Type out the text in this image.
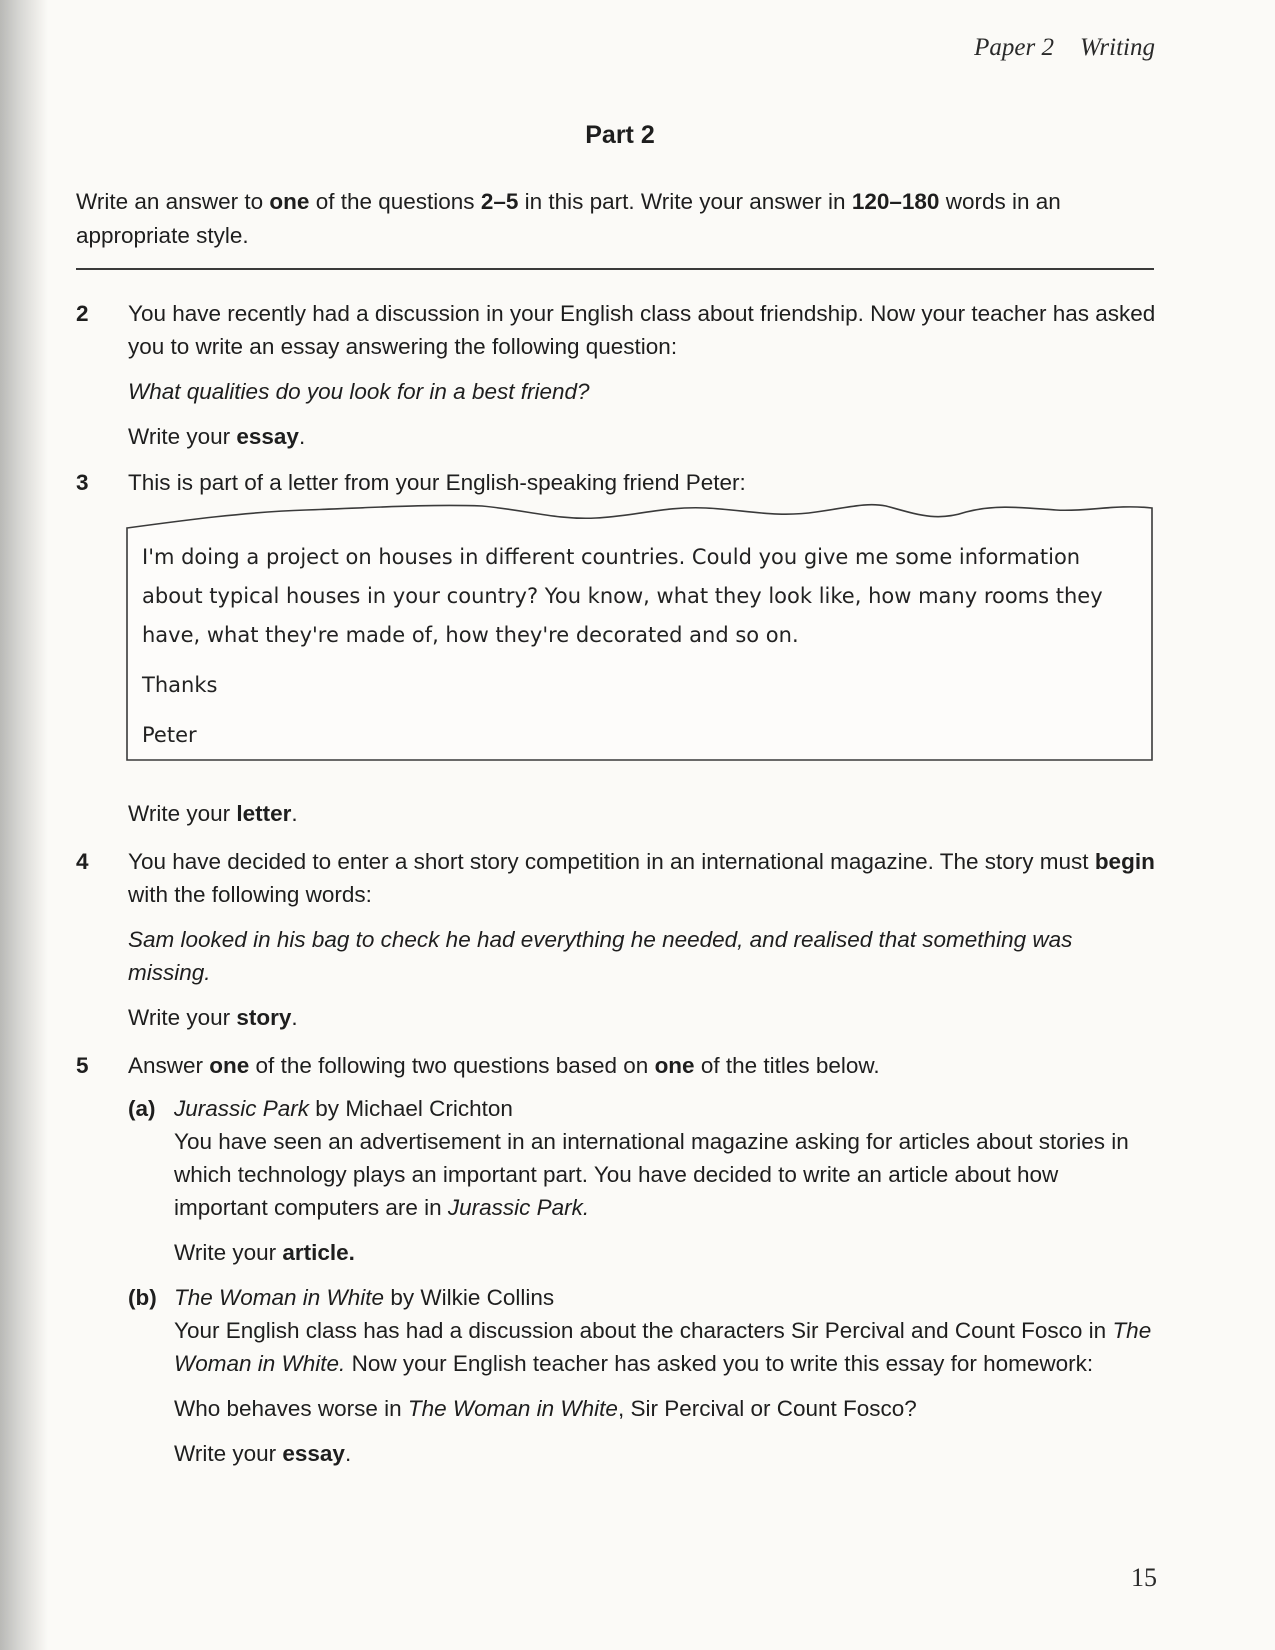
Paper 2 Writing
Part 2
Write an answer to one of the questions 2–5 in this part. Write your answer in 120–180 words in an appropriate style.
2	You have recently had a discussion in your English class about friendship. Now your teacher has asked you to write an essay answering the following question:

What qualities do you look for in a best friend?

Write your essay.

3	This is part of a letter from your English-speaking friend Peter:

I'm doing a project on houses in different countries. Could you give me some information about typical houses in your country? You know, what they look like, how many rooms they have, what they're made of, how they're decorated and so on.

Thanks

Peter

Write your letter.

4	You have decided to enter a short story competition in an international magazine. The story must begin with the following words:

Sam looked in his bag to check he had everything he needed, and realised that something was missing.

Write your story.

5	Answer one of the following two questions based on one of the titles below.

(a) Jurassic Park by Michael Crichton

You have seen an advertisement in an international magazine asking for articles about stories in which technology plays an important part. You have decided to write an article about how important computers are in Jurassic Park.

Write your article.

(b) The Woman in White by Wilkie Collins

Your English class has had a discussion about the characters Sir Percival and Count Fosco in The Woman in White. Now your English teacher has asked you to write this essay for homework:

Who behaves worse in The Woman in White, Sir Percival or Count Fosco?

Write your essay.

15
